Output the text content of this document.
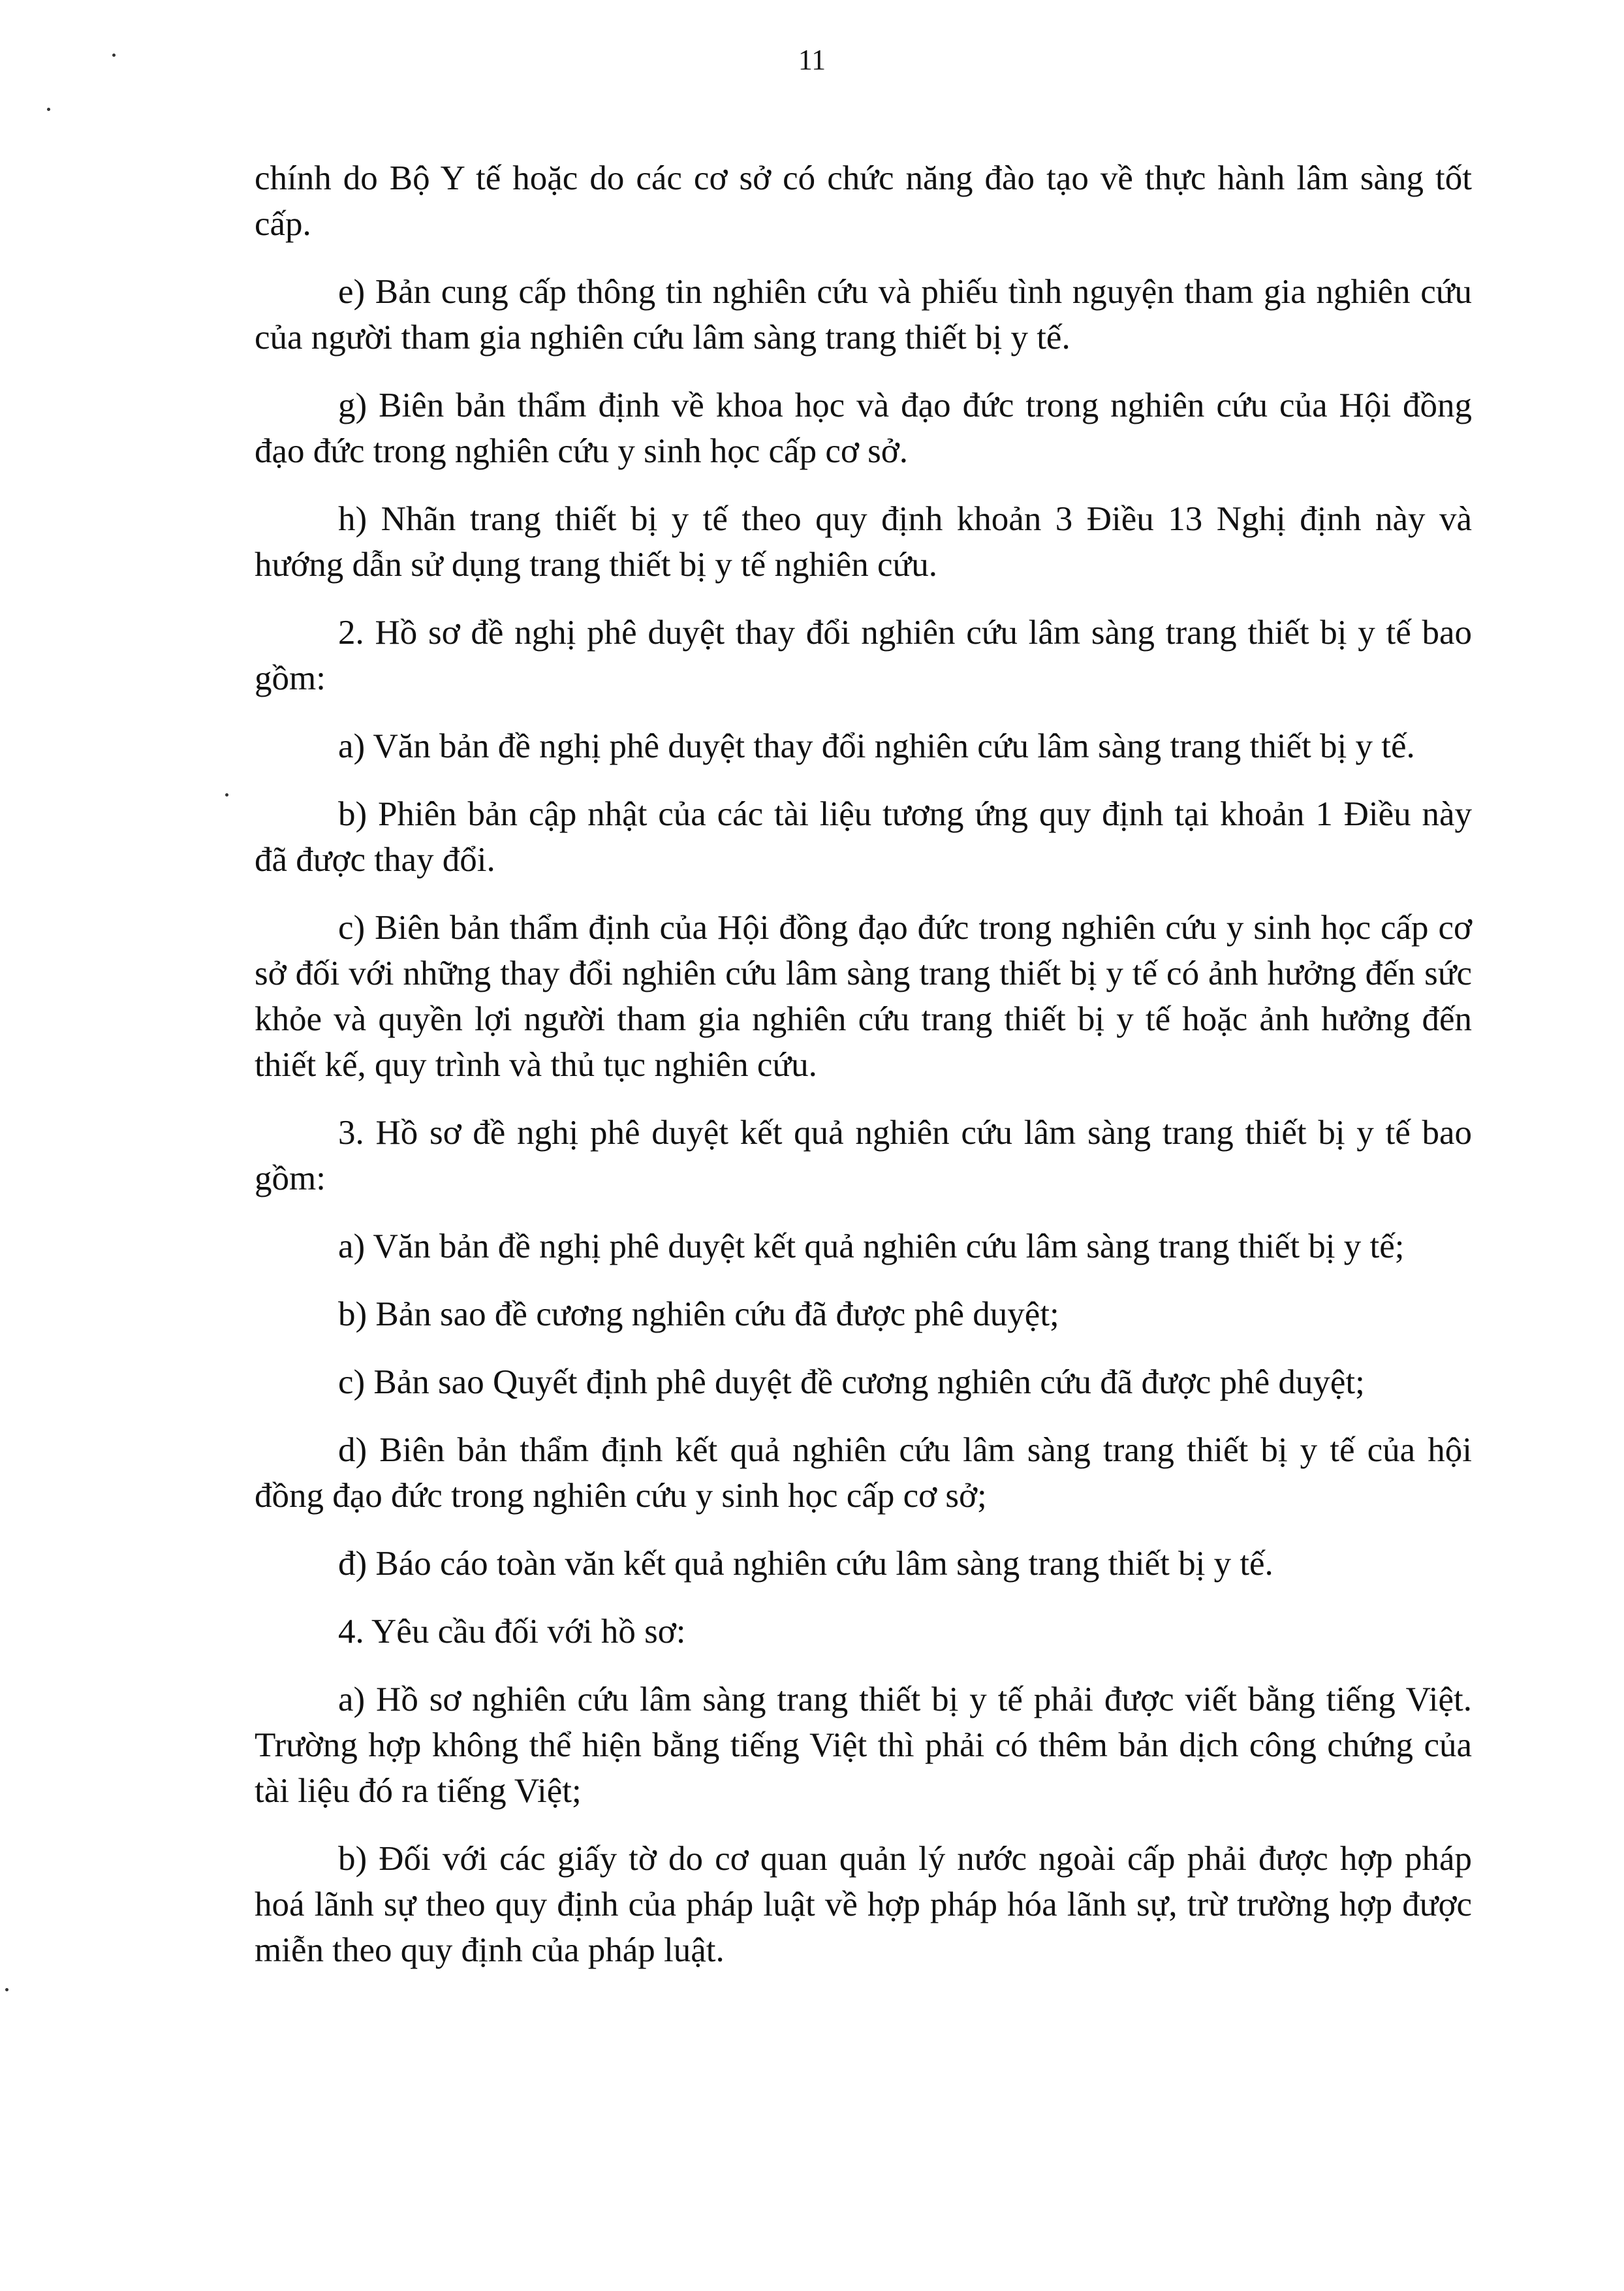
11

chính do Bộ Y tế hoặc do các cơ sở có chức năng đào tạo về thực hành lâm sàng tốt cấp.

e) Bản cung cấp thông tin nghiên cứu và phiếu tình nguyện tham gia nghiên cứu của người tham gia nghiên cứu lâm sàng trang thiết bị y tế.

g) Biên bản thẩm định về khoa học và đạo đức trong nghiên cứu của Hội đồng đạo đức trong nghiên cứu y sinh học cấp cơ sở.

h) Nhãn trang thiết bị y tế theo quy định khoản 3 Điều 13 Nghị định này và hướng dẫn sử dụng trang thiết bị y tế nghiên cứu.

2. Hồ sơ đề nghị phê duyệt thay đổi nghiên cứu lâm sàng trang thiết bị y tế bao gồm:

a) Văn bản đề nghị phê duyệt thay đổi nghiên cứu lâm sàng trang thiết bị y tế.

b) Phiên bản cập nhật của các tài liệu tương ứng quy định tại khoản 1 Điều này đã được thay đổi.

c) Biên bản thẩm định của Hội đồng đạo đức trong nghiên cứu y sinh học cấp cơ sở đối với những thay đổi nghiên cứu lâm sàng trang thiết bị y tế có ảnh hưởng đến sức khỏe và quyền lợi người tham gia nghiên cứu trang thiết bị y tế hoặc ảnh hưởng đến thiết kế, quy trình và thủ tục nghiên cứu.

3. Hồ sơ đề nghị phê duyệt kết quả nghiên cứu lâm sàng trang thiết bị y tế bao gồm:

a) Văn bản đề nghị phê duyệt kết quả nghiên cứu lâm sàng trang thiết bị y tế;

b) Bản sao đề cương nghiên cứu đã được phê duyệt;

c) Bản sao Quyết định phê duyệt đề cương nghiên cứu đã được phê duyệt;

d) Biên bản thẩm định kết quả nghiên cứu lâm sàng trang thiết bị y tế của hội đồng đạo đức trong nghiên cứu y sinh học cấp cơ sở;

đ) Báo cáo toàn văn kết quả nghiên cứu lâm sàng trang thiết bị y tế.

4. Yêu cầu đối với hồ sơ:

a) Hồ sơ nghiên cứu lâm sàng trang thiết bị y tế phải được viết bằng tiếng Việt. Trường hợp không thể hiện bằng tiếng Việt thì phải có thêm bản dịch công chứng của tài liệu đó ra tiếng Việt;

b) Đối với các giấy tờ do cơ quan quản lý nước ngoài cấp phải được hợp pháp hoá lãnh sự theo quy định của pháp luật về hợp pháp hóa lãnh sự, trừ trường hợp được miễn theo quy định của pháp luật.
